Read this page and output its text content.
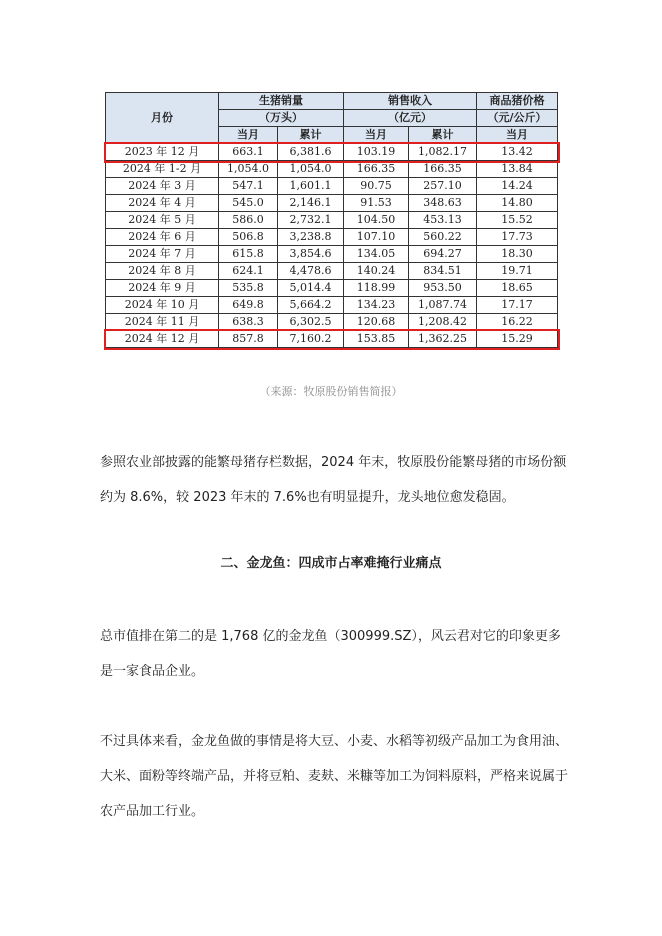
月份	生猪销量		销售收入		商品猪价格
	（万头）		（亿元）		（元/公斤）
	当月	累计	当月	累计	当月
2023 年 12 月	663.1	6,381.6	103.19	1,082.17	13.42
2024 年 1-2 月	1,054.0	1,054.0	166.35	166.35	13.84
2024 年 3 月	547.1	1,601.1	90.75	257.10	14.24
2024 年 4 月	545.0	2,146.1	91.53	348.63	14.80
2024 年 5 月	586.0	2,732.1	104.50	453.13	15.52
2024 年 6 月	506.8	3,238.8	107.10	560.22	17.73
2024 年 7 月	615.8	3,854.6	134.05	694.27	18.30
2024 年 8 月	624.1	4,478.6	140.24	834.51	19.71
2024 年 9 月	535.8	5,014.4	118.99	953.50	18.65
2024 年 10 月	649.8	5,664.2	134.23	1,087.74	17.17
2024 年 11 月	638.3	6,302.5	120.68	1,208.42	16.22
2024 年 12 月	857.8	7,160.2	153.85	1,362.25	15.29
（来源：牧原股份销售简报）
参照农业部披露的能繁母猪存栏数据，2024 年末，牧原股份能繁母猪的市场份额约为 8.6%，较 2023 年末的 7.6%也有明显提升，龙头地位愈发稳固。
二、金龙鱼：四成市占率难掩行业痛点
总市值排在第二的是 1,768 亿的金龙鱼（300999.SZ），风云君对它的印象更多是一家食品企业。
不过具体来看，金龙鱼做的事情是将大豆、小麦、水稻等初级产品加工为食用油、大米、面粉等终端产品，并将豆粕、麦麸、米糠等加工为饲料原料，严格来说属于农产品加工行业。
